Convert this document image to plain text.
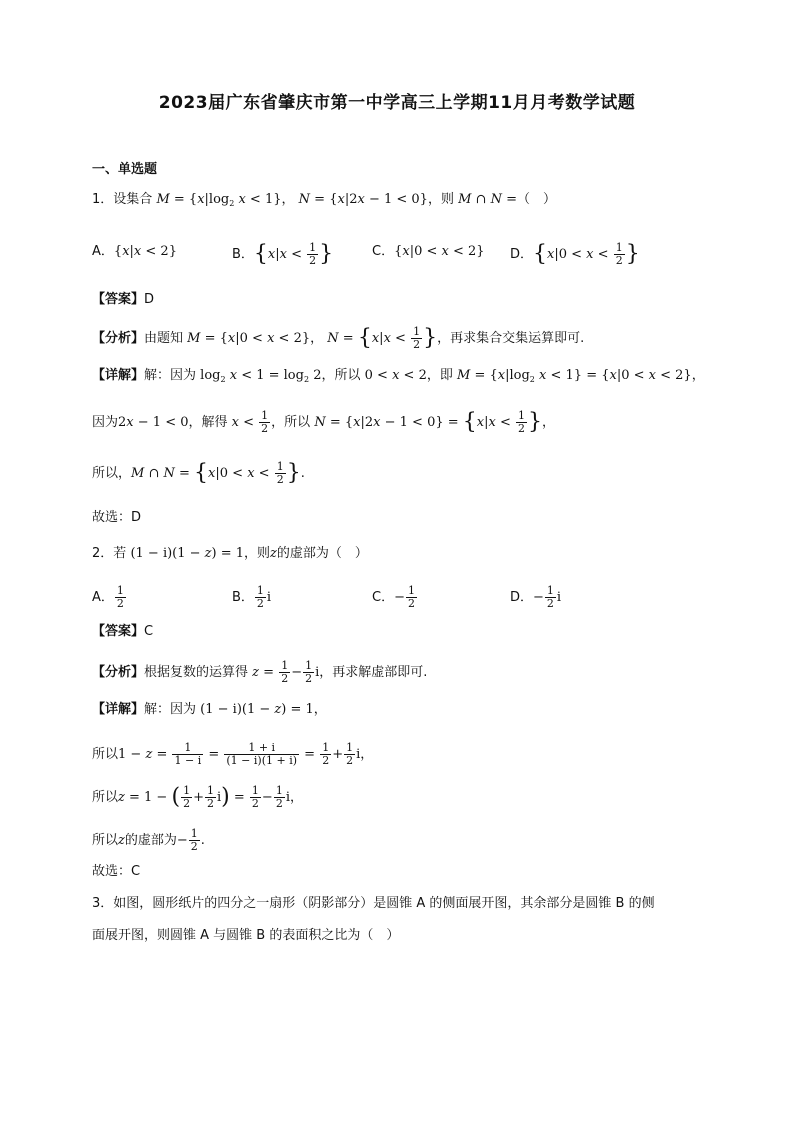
2023届广东省肇庆市第一中学高三上学期11月月考数学试题
一、单选题
1．设集合 $M = \{x|\log_2$ x < 1}， N = {x|2x − 1 < 0}，则 M ∩ N =（　）
A．{x|x < 2}	B．{$x|x < \frac{1}{2}$ }	C．{x|0 < x < 2} D．{$x|0 < x < \frac{1}{2}$ }
【答案】D
【分析】由题知 M = {x|0 < x < 2}， $N = \{x|x < \frac{1}{2}$ }，再求集合交集运算即可.
【详解】解：因为 $\log_2 x < 1 = \log_2 2$，所以 0 < x < 2，即 $M = \{x|\log_2$ x < 1} = {x|0 < x < 2}，
因为2x − 1 < 0，解得 $x < \frac{1}{2}$ ，所以 $N = \{x|2x - 1 < 0\} = \{x|x < \frac{1}{2}$ }，
所以，M ∩ $N = \{x|0 < x < \frac{1}{2}$ }.
故选：D
2．若 (1 − i)(1 − z) = 1，则z的虚部为（　）
A． $\frac{1}{2}$	B． $\frac{1}{2}$ i	C．− $\frac{1}{2}$	D．− $\frac{1}{2}$ i
【答案】C
【分析】根据复数的运算得 $z = \frac{1}{2} - \frac{1}{2}$ i，再求解虚部即可.
【详解】解：因为 (1 − i)(1 − z) = 1，
所以$1 - z = \frac{1}{1 - i} = \frac{1 + i}{(1 - i)(1 + i)} = \frac{1}{2} + \frac{1}{2}$ i，
所以z = 1 − ( $\frac{1}{2} + \frac{1}{2} i) = \frac{1}{2} - \frac{1}{2}$ i，
所以z的虚部为− $\frac{1}{2}$ .
故选：C
3．如图，圆形纸片的四分之一扇形（阴影部分）是圆锥 A 的侧面展开图，其余部分是圆锥 B 的侧
面展开图，则圆锥 A 与圆锥 B 的表面积之比为（　）
